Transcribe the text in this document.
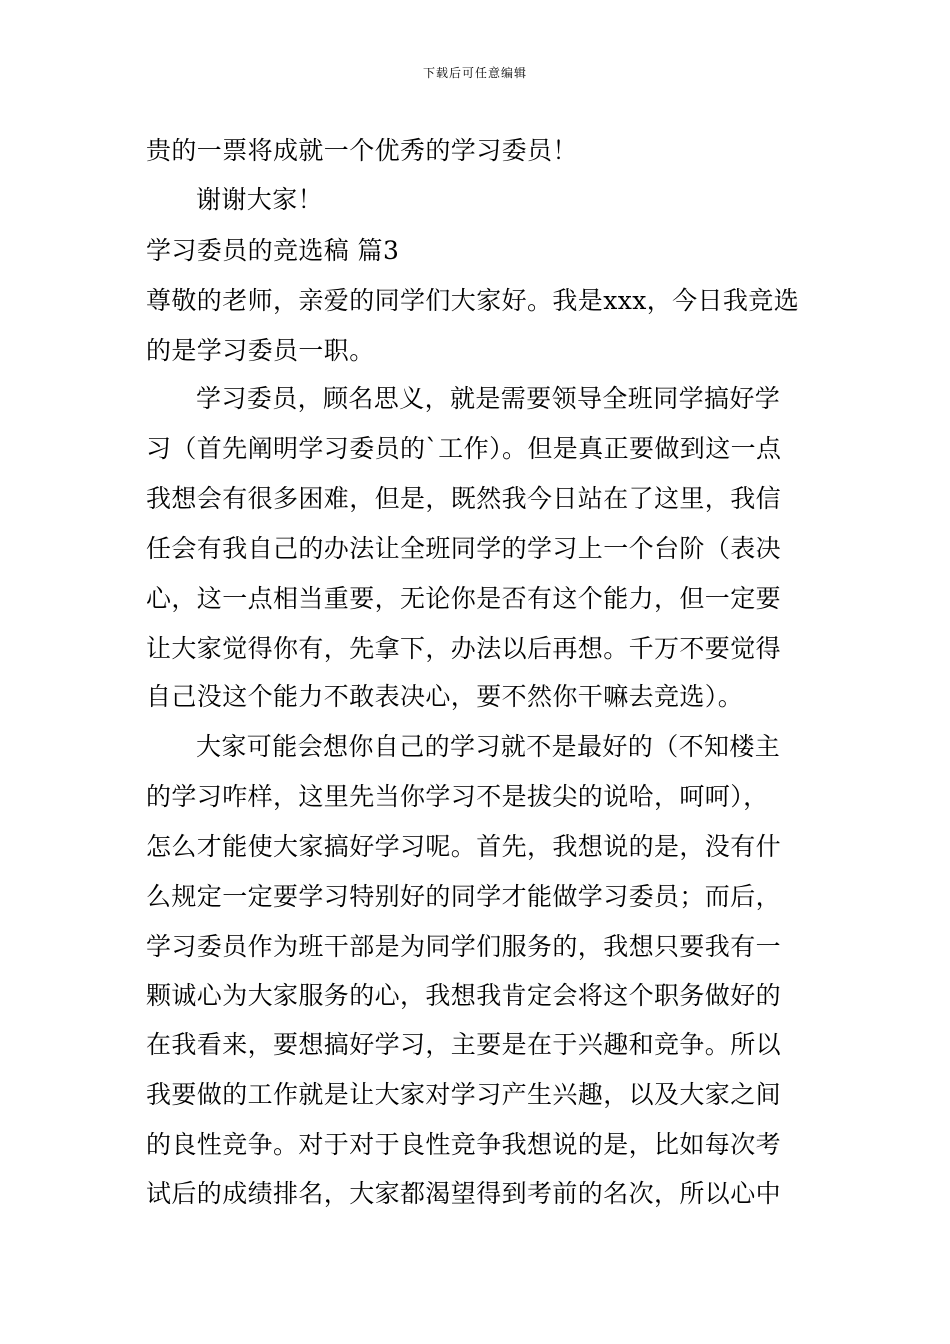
下载后可任意编辑
贵的一票将成就一个优秀的学习委员！
谢谢大家！
学习委员的竞选稿 篇3
尊敬的老师，亲爱的同学们大家好。我是xxx，今日我竞选
的是学习委员一职。
学习委员，顾名思义，就是需要领导全班同学搞好学
习（首先阐明学习委员的`工作）。但是真正要做到这一点
我想会有很多困难，但是，既然我今日站在了这里，我信
任会有我自己的办法让全班同学的学习上一个台阶（表决
心，这一点相当重要，无论你是否有这个能力，但一定要
让大家觉得你有，先拿下，办法以后再想。千万不要觉得
自己没这个能力不敢表决心，要不然你干嘛去竞选）。
大家可能会想你自己的学习就不是最好的（不知楼主
的学习咋样，这里先当你学习不是拔尖的说哈，呵呵），
怎么才能使大家搞好学习呢。首先，我想说的是，没有什
么规定一定要学习特别好的同学才能做学习委员；而后，
学习委员作为班干部是为同学们服务的，我想只要我有一
颗诚心为大家服务的心，我想我肯定会将这个职务做好的
在我看来，要想搞好学习，主要是在于兴趣和竞争。所以
我要做的工作就是让大家对学习产生兴趣，以及大家之间
的良性竞争。对于对于良性竞争我想说的是，比如每次考
试后的成绩排名，大家都渴望得到考前的名次，所以心中
